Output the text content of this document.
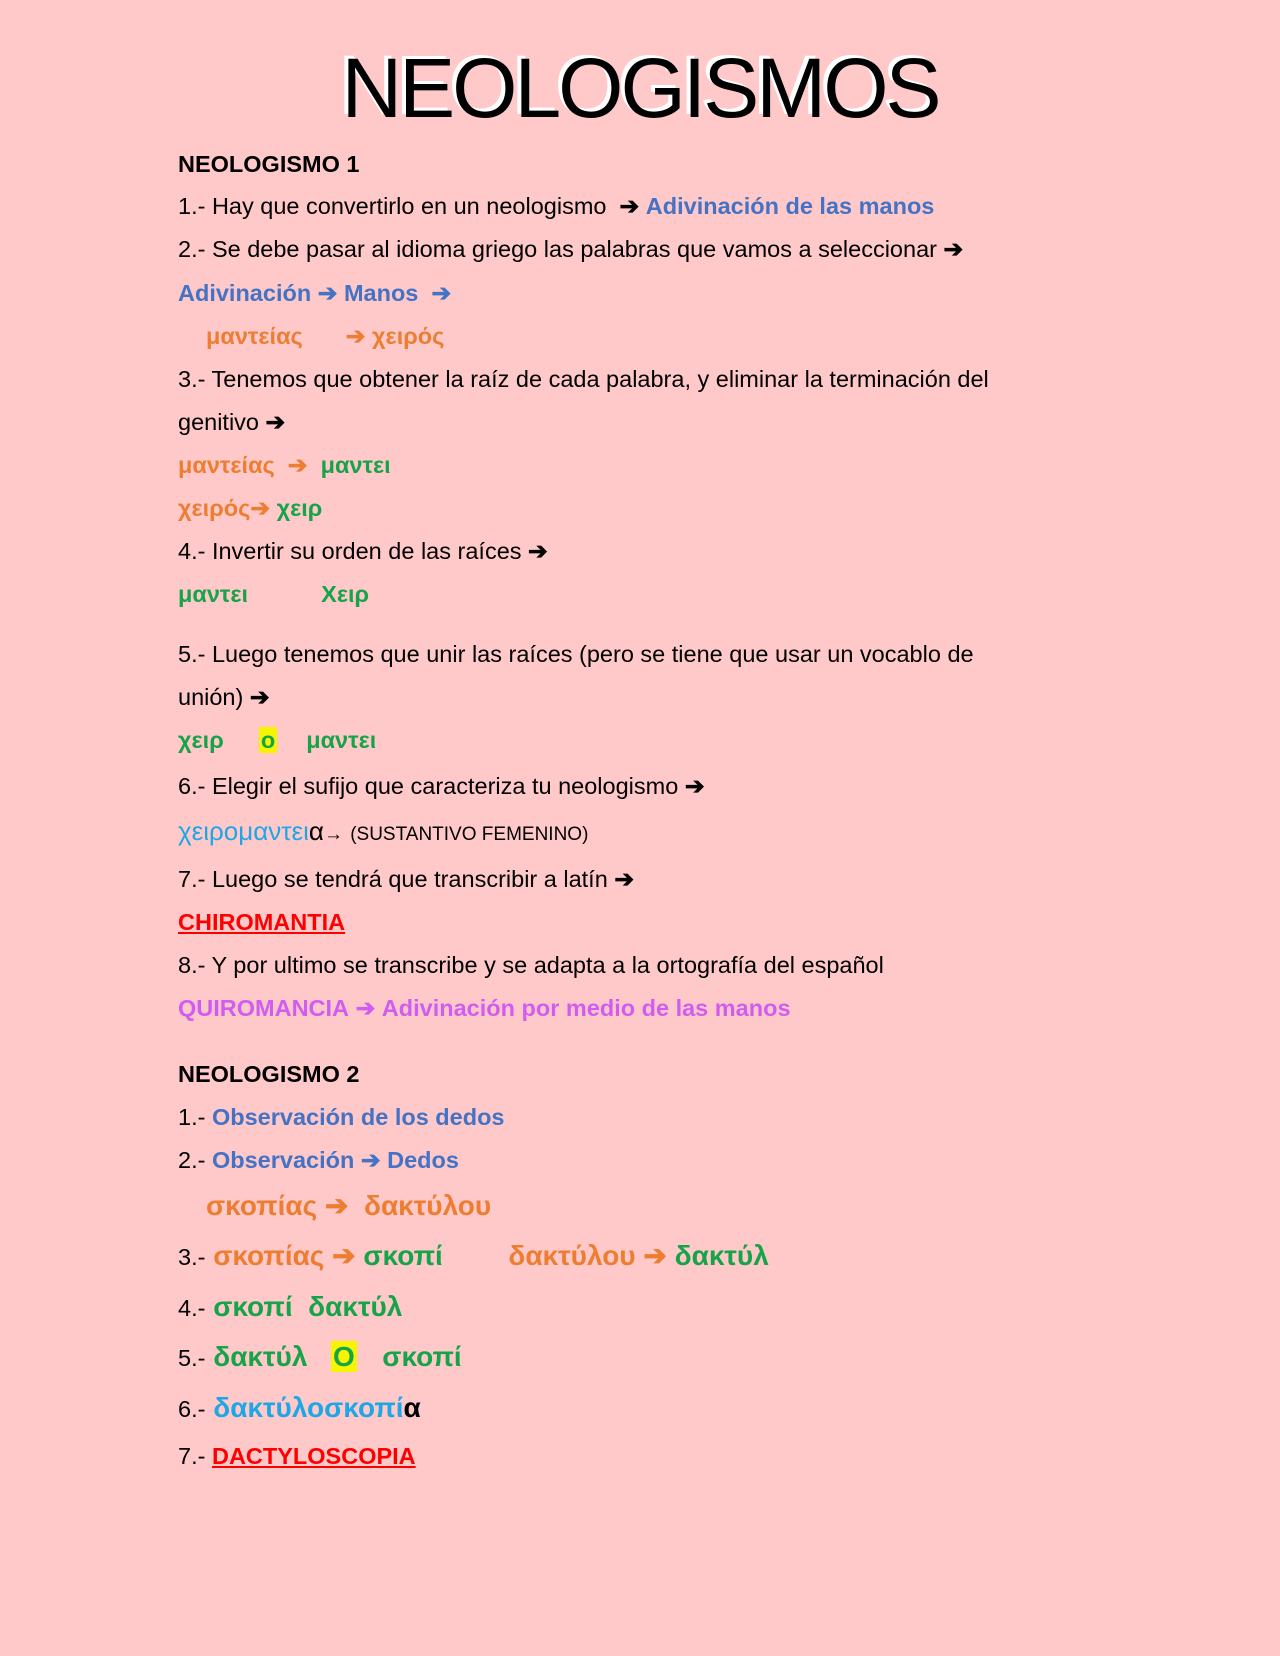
NEOLOGISMOS
NEOLOGISMO 1
1.- Hay que convertirlo en un neologismo ➔ Adivinación de las manos
2.- Se debe pasar al idioma griego las palabras que vamos a seleccionar ➔
Adivinación ➔ Manos ➔
μαντείας ➔ χειρός
3.- Tenemos que obtener la raíz de cada palabra, y eliminar la terminación del
genitivo ➔
μαντείας ➔ μαντει
χειρός➔ χειρ
4.- Invertir su orden de las raíces ➔
μαντει	Χειρ
5.- Luego tenemos que unir las raíces (pero se tiene que usar un vocablo de
unión) ➔
χειρ ο μαντει
6.- Elegir el sufijo que caracteriza tu neologismo ➔
χειρομαντεια→ (SUSTANTIVO FEMENINO)
7.- Luego se tendrá que transcribir a latín ➔
CHIROMANTIA
8.- Y por ultimo se transcribe y se adapta a la ortografía del español
QUIROMANCIA ➔ Adivinación por medio de las manos
NEOLOGISMO 2
1.- Observación de los dedos
2.- Observación ➔ Dedos
σκοπίας ➔ δακτύλου
3.- σκοπίας ➔ σκοπί δακτύλου ➔ δακτύλ
4.- σκοπί δακτύλ
5.- δακτύλ O σκοπί
6.- δακτύλοσκοπία
7.- DACTYLOSCOPIA
